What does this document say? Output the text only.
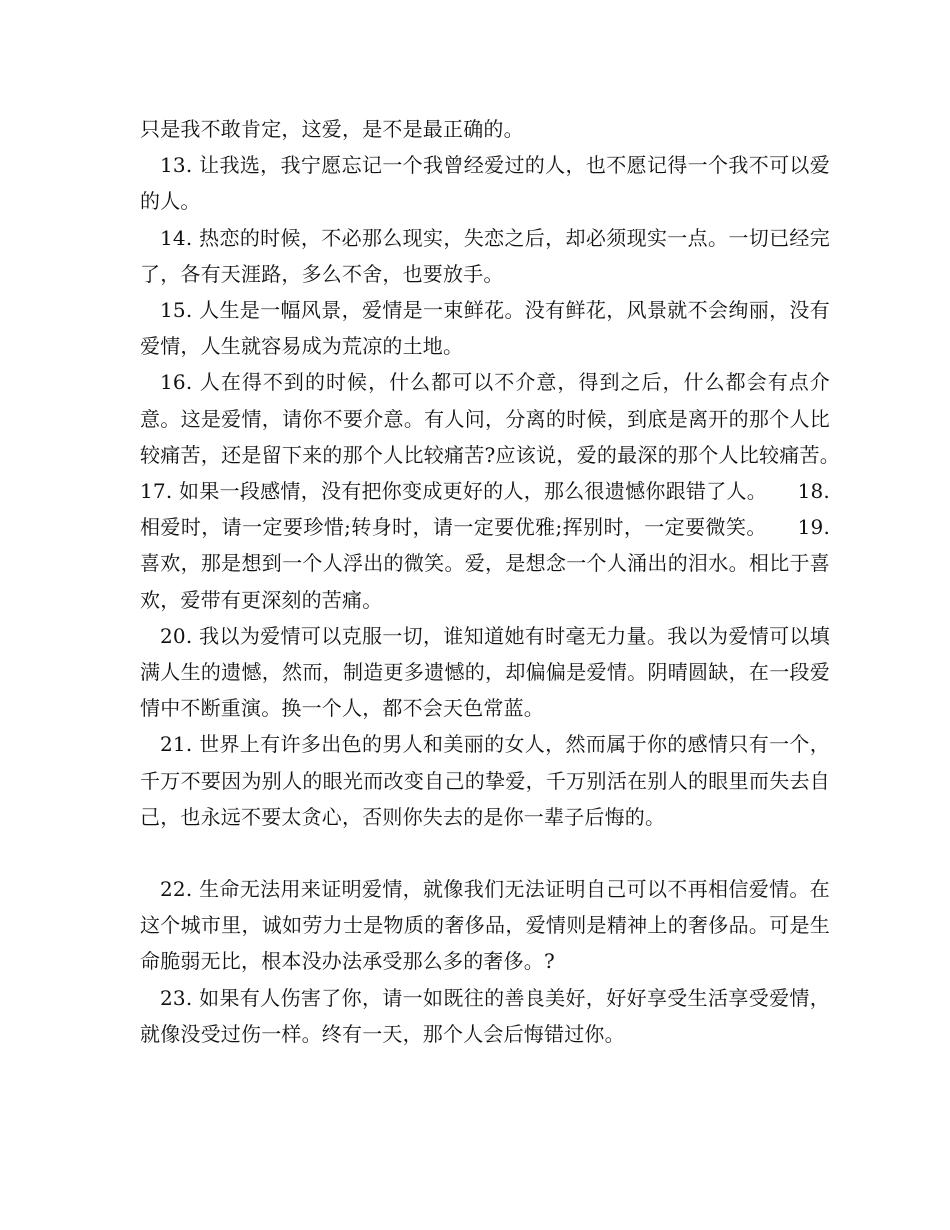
只是我不敢肯定，这爱，是不是最正确的。

13. 让我选，我宁愿忘记一个我曾经爱过的人，也不愿记得一个我不可以爱的人。

14. 热恋的时候，不必那么现实，失恋之后，却必须现实一点。一切已经完了，各有天涯路，多么不舍，也要放手。

15. 人生是一幅风景，爱情是一束鲜花。没有鲜花，风景就不会绚丽，没有爱情，人生就容易成为荒凉的土地。

16. 人在得不到的时候，什么都可以不介意，得到之后，什么都会有点介意。这是爱情，请你不要介意。有人问，分离的时候，到底是离开的那个人比较痛苦，还是留下来的那个人比较痛苦?应该说，爱的最深的那个人比较痛苦。　　17. 如果一段感情，没有把你变成更好的人，那么很遗憾你跟错了人。　　18. 相爱时，请一定要珍惜;转身时，请一定要优雅;挥别时，一定要微笑。　　19. 喜欢，那是想到一个人浮出的微笑。爱，是想念一个人涌出的泪水。相比于喜欢，爱带有更深刻的苦痛。

20. 我以为爱情可以克服一切，谁知道她有时毫无力量。我以为爱情可以填满人生的遗憾，然而，制造更多遗憾的，却偏偏是爱情。阴晴圆缺，在一段爱情中不断重演。换一个人，都不会天色常蓝。

21. 世界上有许多出色的男人和美丽的女人，然而属于你的感情只有一个，千万不要因为别人的眼光而改变自己的挚爱，千万别活在别人的眼里而失去自己，也永远不要太贪心，否则你失去的是你一辈子后悔的。

22. 生命无法用来证明爱情，就像我们无法证明自己可以不再相信爱情。在这个城市里，诚如劳力士是物质的奢侈品，爱情则是精神上的奢侈品。可是生命脆弱无比，根本没办法承受那么多的奢侈。?

23. 如果有人伤害了你，请一如既往的善良美好，好好享受生活享受爱情，就像没受过伤一样。终有一天，那个人会后悔错过你。
